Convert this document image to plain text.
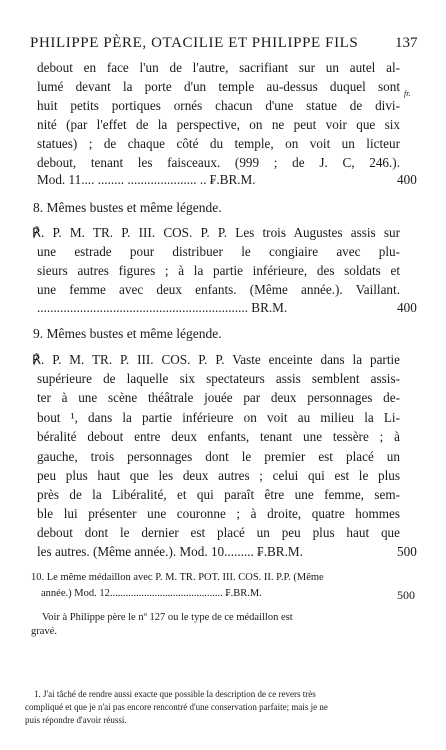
PHILIPPE PÈRE, OTACILIE ET PHILIPPE FILS 137
fr.
debout en face l'un de l'autre, sacrifiant sur un autel al-
lumé devant la porte d'un temple au-dessus duquel sont
huit petits portiques ornés chacun d'une statue de divi-
nité (par l'effet de la perspective, on ne peut voir que six
statues) ; de chaque côté du temple, on voit un licteur
debout, tenant les faisceaux. (999 ; de J. C, 246.).
Mod. 11.... ........ ..................... .. ₣.BR.M.	400
8. Mêmes bustes et même légende.
℟. P. M. TR. P. III. COS. P. P. Les trois Augustes assis sur
une estrade pour distribuer le congiaire avec plu-
sieurs autres figures ; à la partie inférieure, des soldats et
une femme avec deux enfants. (Même année.). Vaillant.
................................................................ BR.M.	400
9. Mêmes bustes et même légende.
℟. P. M. TR. P. III. COS. P. P. Vaste enceinte dans la partie
supérieure de laquelle six spectateurs assis semblent assis-
ter à une scène théâtrale jouée par deux personnages de-
bout ¹, dans la partie inférieure on voit au milieu la Li-
béralité debout entre deux enfants, tenant une tessère ; à
gauche, trois personnages dont le premier est placé un
peu plus haut que les deux autres ; celui qui est le plus
près de la Libéralité, et qui paraît être une femme, sem-
ble lui présenter une couronne ; à droite, quatre hommes
debout dont le dernier est placé un peu plus haut que
les autres. (Même année.). Mod. 10......... ₣.BR.M.	500
10. Le même médaillon avec P. M. TR. POT. III. COS. II. P.P. (Même
année.) Mod. 12........................................... ₣.BR.M.	500
Voir à Philippe père le nº 127 ou le type de ce médaillon est
gravé.
1. J'ai tâché de rendre aussi exacte que possible la description de ce revers très
compliqué et que je n'ai pas encore rencontré d'une conservation parfaite; mais je ne
puis répondre d'avoir réussi.
